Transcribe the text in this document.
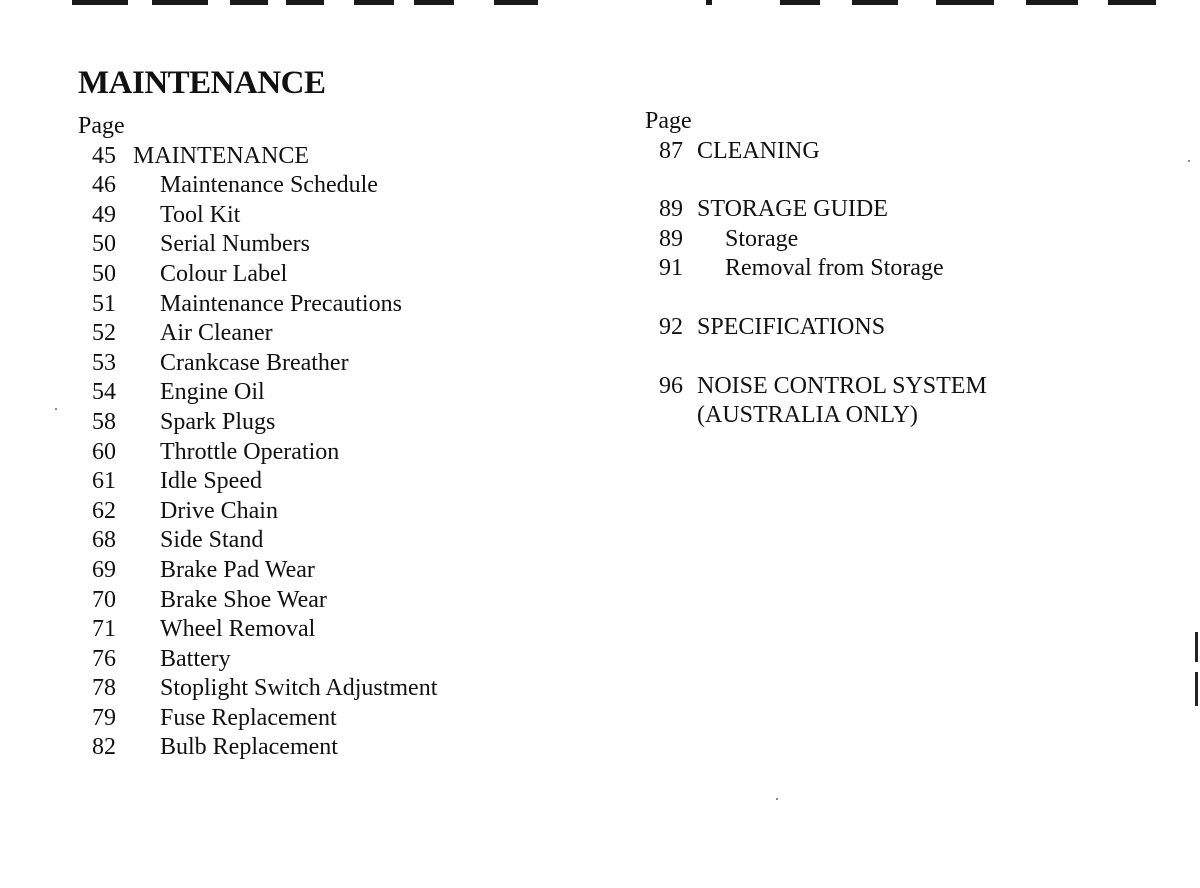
MAINTENANCE
Page
45 MAINTENANCE
46	Maintenance Schedule
49	Tool Kit
50	Serial Numbers
50	Colour Label
51	Maintenance Precautions
52	Air Cleaner
53	Crankcase Breather
54	Engine Oil
58	Spark Plugs
60	Throttle Operation
61	Idle Speed
62	Drive Chain
68	Side Stand
69	Brake Pad Wear
70	Brake Shoe Wear
71	Wheel Removal
76	Battery
78	Stoplight Switch Adjustment
79	Fuse Replacement
82	Bulb Replacement
Page
87 CLEANING
89 STORAGE GUIDE
89	Storage
91	Removal from Storage
92 SPECIFICATIONS
96 NOISE CONTROL SYSTEM
(AUSTRALIA ONLY)
